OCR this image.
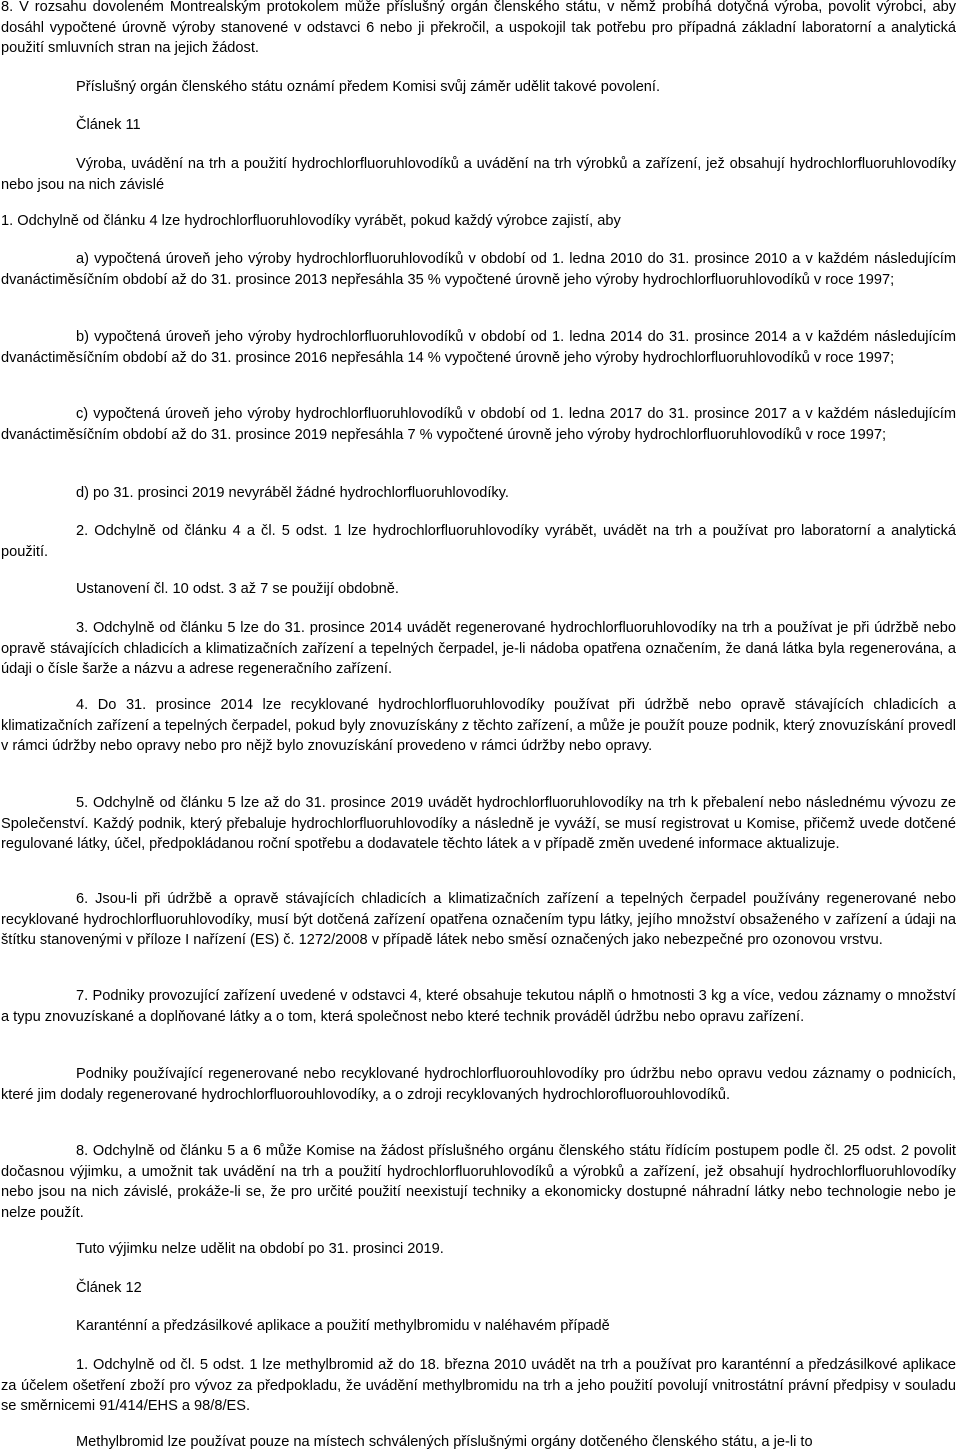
8. V rozsahu dovoleném Montrealským protokolem může příslušný orgán členského státu, v němž probíhá dotyčná výroba, povolit výrobci, aby dosáhl vypočtené úrovně výroby stanovené v odstavci 6 nebo ji překročil, a uspokojil tak potřebu pro případná základní laboratorní a analytická použití smluvních stran na jejich žádost.

Příslušný orgán členského státu oznámí předem Komisi svůj záměr udělit takové povolení.

Článek 11

Výroba, uvádění na trh a použití hydrochlorfluoruhlovodíků a uvádění na trh výrobků a zařízení, jež obsahují hydrochlorfluoruhlovodíky nebo jsou na nich závislé

1. Odchylně od článku 4 lze hydrochlorfluoruhlovodíky vyrábět, pokud každý výrobce zajistí, aby

a) vypočtená úroveň jeho výroby hydrochlorfluoruhlovodíků v období od 1. ledna 2010 do 31. prosince 2010 a v každém následujícím dvanáctiměsíčním období až do 31. prosince 2013 nepřesáhla 35 % vypočtené úrovně jeho výroby hydrochlorfluoruhlovodíků v roce 1997;

b) vypočtená úroveň jeho výroby hydrochlorfluoruhlovodíků v období od 1. ledna 2014 do 31. prosince 2014 a v každém následujícím dvanáctiměsíčním období až do 31. prosince 2016 nepřesáhla 14 % vypočtené úrovně jeho výroby hydrochlorfluoruhlovodíků v roce 1997;

c) vypočtená úroveň jeho výroby hydrochlorfluoruhlovodíků v období od 1. ledna 2017 do 31. prosince 2017 a v každém následujícím dvanáctiměsíčním období až do 31. prosince 2019 nepřesáhla 7 % vypočtené úrovně jeho výroby hydrochlorfluoruhlovodíků v roce 1997;

d) po 31. prosinci 2019 nevyráběl žádné hydrochlorfluoruhlovodíky.

2. Odchylně od článku 4 a čl. 5 odst. 1 lze hydrochlorfluoruhlovodíky vyrábět, uvádět na trh a používat pro laboratorní a analytická použití.

Ustanovení čl. 10 odst. 3 až 7 se použijí obdobně.

3. Odchylně od článku 5 lze do 31. prosince 2014 uvádět regenerované hydrochlorfluoruhlovodíky na trh a používat je při údržbě nebo opravě stávajících chladicích a klimatizačních zařízení a tepelných čerpadel, je-li nádoba opatřena označením, že daná látka byla regenerována, a údaji o čísle šarže a názvu a adrese regeneračního zařízení.

4. Do 31. prosince 2014 lze recyklované hydrochlorfluoruhlovodíky používat při údržbě nebo opravě stávajících chladicích a klimatizačních zařízení a tepelných čerpadel, pokud byly znovuzískány z těchto zařízení, a může je použít pouze podnik, který znovuzískání provedl v rámci údržby nebo opravy nebo pro nějž bylo znovuzískání provedeno v rámci údržby nebo opravy.

5. Odchylně od článku 5 lze až do 31. prosince 2019 uvádět hydrochlorfluoruhlovodíky na trh k přebalení nebo následnému vývozu ze Společenství. Každý podnik, který přebaluje hydrochlorfluoruhlovodíky a následně je vyváží, se musí registrovat u Komise, přičemž uvede dotčené regulované látky, účel, předpokládanou roční spotřebu a dodavatele těchto látek a v případě změn uvedené informace aktualizuje.

6. Jsou-li při údržbě a opravě stávajících chladicích a klimatizačních zařízení a tepelných čerpadel používány regenerované nebo recyklované hydrochlorfluoruhlovodíky, musí být dotčená zařízení opatřena označením typu látky, jejího množství obsaženého v zařízení a údaji na štítku stanovenými v příloze I nařízení (ES) č. 1272/2008 v případě látek nebo směsí označených jako nebezpečné pro ozonovou vrstvu.

7. Podniky provozující zařízení uvedené v odstavci 4, které obsahuje tekutou náplň o hmotnosti 3 kg a více, vedou záznamy o množství a typu znovuzískané a doplňované látky a o tom, která společnost nebo které technik prováděl údržbu nebo opravu zařízení.

Podniky používající regenerované nebo recyklované hydrochlorfluorouhlovodíky pro údržbu nebo opravu vedou záznamy o podnicích, které jim dodaly regenerované hydrochlorfluorouhlovodíky, a o zdroji recyklovaných hydrochlorofluorouhlovodíků.

8. Odchylně od článku 5 a 6 může Komise na žádost příslušného orgánu členského státu řídícím postupem podle čl. 25 odst. 2 povolit dočasnou výjimku, a umožnit tak uvádění na trh a použití hydrochlorfluoruhlovodíků a výrobků a zařízení, jež obsahují hydrochlorfluoruhlovodíky nebo jsou na nich závislé, prokáže-li se, že pro určité použití neexistují techniky a ekonomicky dostupné náhradní látky nebo technologie nebo je nelze použít.

Tuto výjimku nelze udělit na období po 31. prosinci 2019.

Článek 12

Karanténní a předzásilkové aplikace a použití methylbromidu v naléhavém případě

1. Odchylně od čl. 5 odst. 1 lze methylbromid až do 18. března 2010 uvádět na trh a používat pro karanténní a předzásilkové aplikace za účelem ošetření zboží pro vývoz za předpokladu, že uvádění methylbromidu na trh a jeho použití povolují vnitrostátní právní předpisy v souladu se směrnicemi 91/414/EHS a 98/8/ES.

Methylbromid lze používat pouze na místech schválených příslušnými orgány dotčeného členského státu, a je-li to
